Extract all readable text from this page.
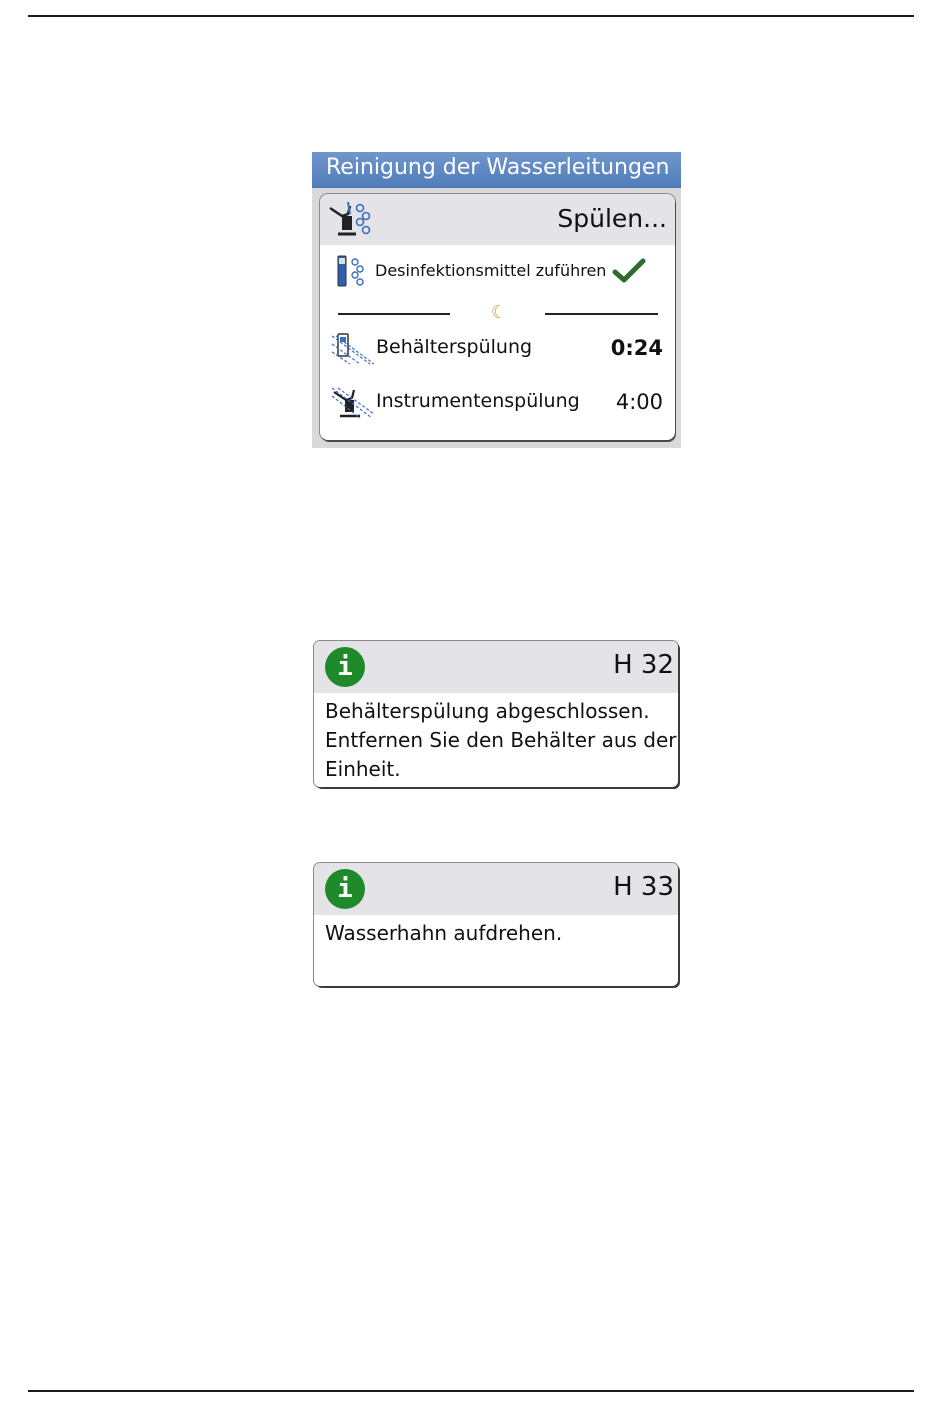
Reinigung der Wasserleitungen
Spülen...
Desinfektionsmittel zuführen
☾
Behälterspülung	0:24
Instrumentenspülung 4:00
i	H 32
Behälterspülung abgeschlossen.
Entfernen Sie den Behälter aus der
Einheit.
i	H 33
Wasserhahn aufdrehen.
